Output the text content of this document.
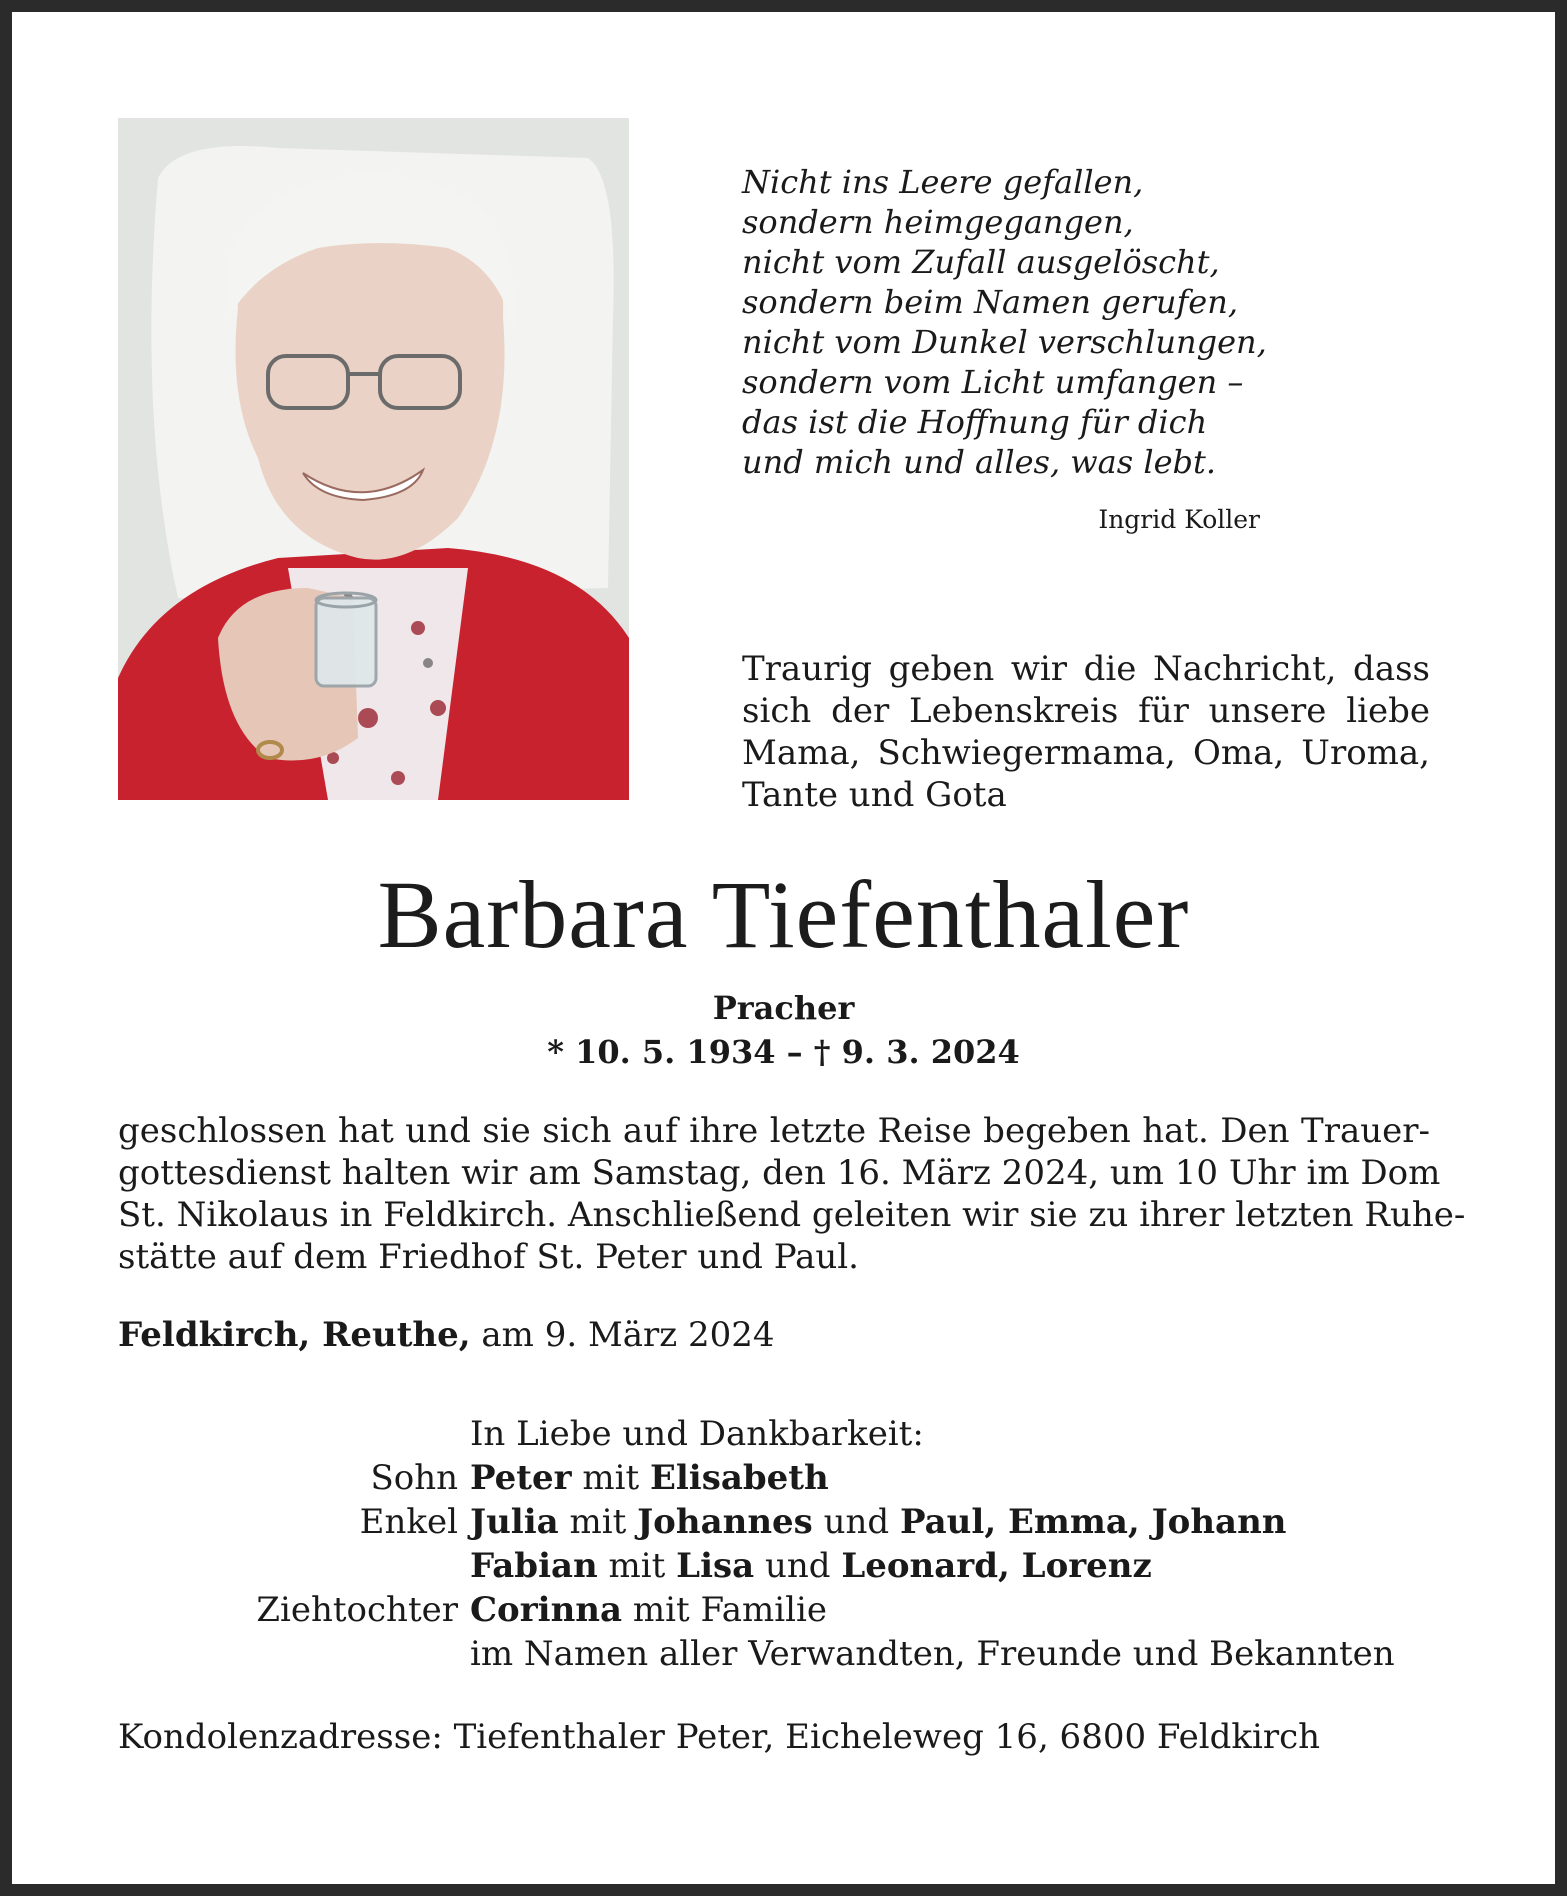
Nicht ins Leere gefallen,
sondern heimgegangen,
nicht vom Zufall ausgelöscht,
sondern beim Namen gerufen,
nicht vom Dunkel verschlungen,
sondern vom Licht umfangen –
das ist die Hoffnung für dich
und mich und alles, was lebt.
Ingrid Koller
Traurig geben wir die Nachricht, dass
sich der Lebenskreis für unsere liebe
Mama, Schwiegermama, Oma, Uroma,
Tante und Gota
Barbara Tiefenthaler
Pracher
* 10. 5. 1934 – † 9. 3. 2024
geschlossen hat und sie sich auf ihre letzte Reise begeben hat. Den Trauer-
gottesdienst halten wir am Samstag, den 16. März 2024, um 10 Uhr im Dom
St. Nikolaus in Feldkirch. Anschließend geleiten wir sie zu ihrer letzten Ruhe-
stätte auf dem Friedhof St. Peter und Paul.
Feldkirch, Reuthe, am 9. März 2024
In Liebe und Dankbarkeit:
Sohn Peter mit Elisabeth
Enkel Julia mit Johannes und Paul, Emma, Johann
Fabian mit Lisa und Leonard, Lorenz
Ziehtochter Corinna mit Familie
im Namen aller Verwandten, Freunde und Bekannten
Kondolenzadresse: Tiefenthaler Peter, Eicheleweg 16, 6800 Feldkirch
